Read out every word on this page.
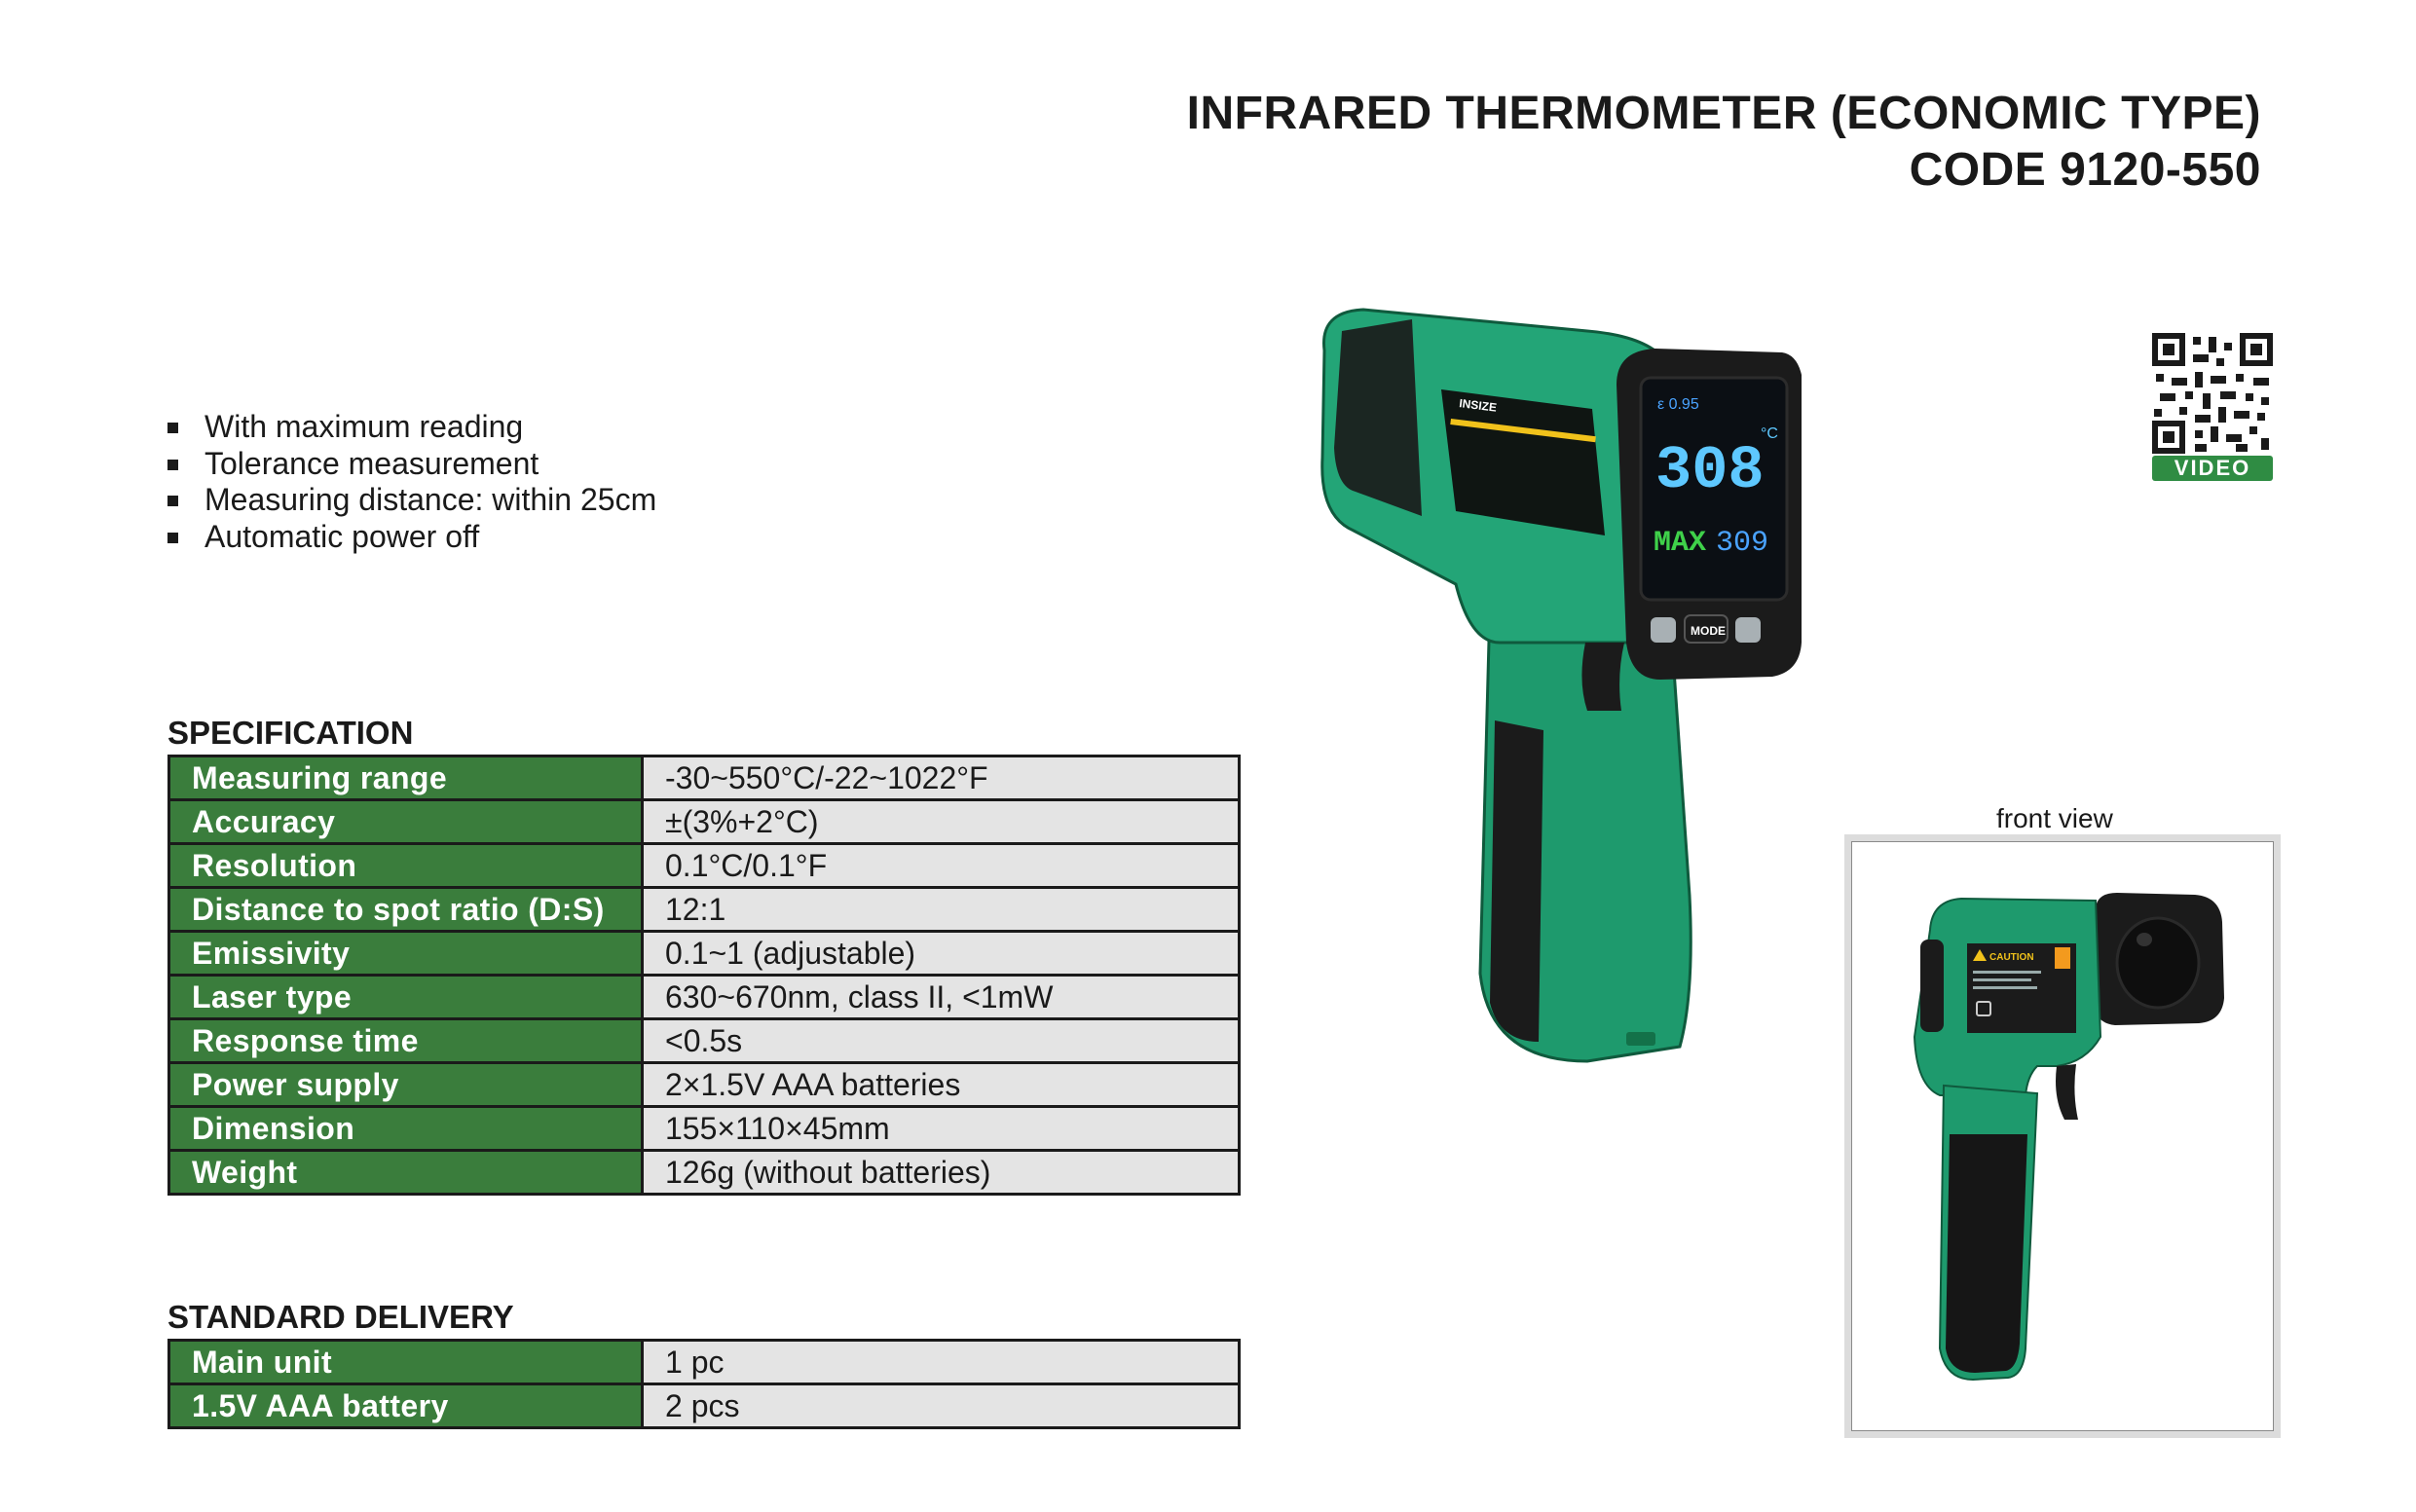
INFRARED THERMOMETER (ECONOMIC TYPE)
CODE 9120-550
With maximum reading
Tolerance measurement
Measuring distance: within 25cm
Automatic power off
SPECIFICATION
Measuring range	-30~550°C/-22~1022°F
Accuracy	±(3%+2°C)
Resolution	0.1°C/0.1°F
Distance to spot ratio (D:S)	12:1
Emissivity	0.1~1 (adjustable)
Laser type	630~670nm, class II, <1mW
Response time	<0.5s
Power supply	2×1.5V AAA batteries
Dimension	155×110×45mm
Weight	126g (without batteries)
STANDARD DELIVERY
Main unit	1 pc
1.5V AAA battery	2 pcs
INSIZE	ε 0.95
308
°C
MAX 309
MODE
VIDEO
front view
CAUTION
